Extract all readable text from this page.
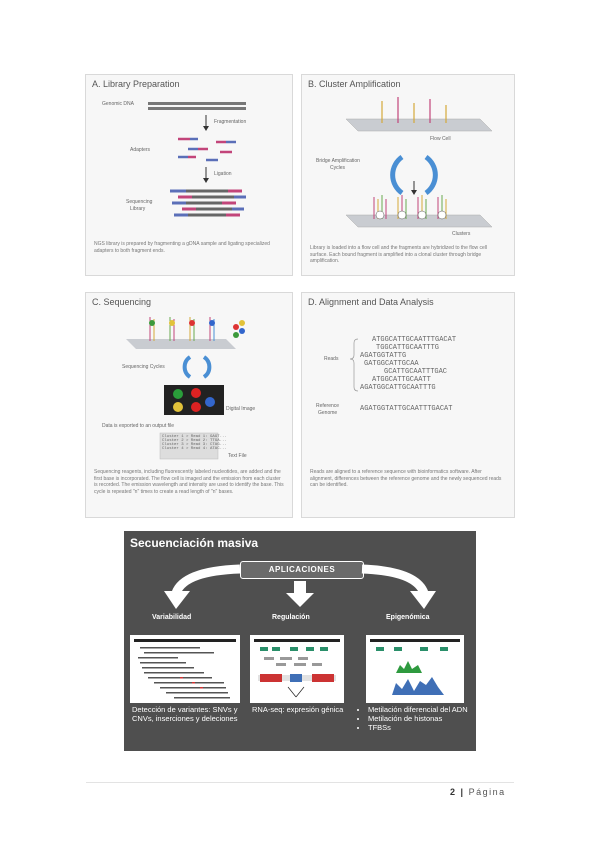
A. Library Preparation
Genomic DNA
Fragmentation
Adapters
Ligation
Sequencing
Library
NGS library is prepared by fragmenting a gDNA sample and ligating specialized adapters to both fragment ends.
B. Cluster Amplification
Flow Cell
Bridge Amplification
Cycles
Clusters
Library is loaded into a flow cell and the fragments are hybridized to the flow cell surface. Each bound fragment is amplified into a clonal cluster through bridge amplification.
C. Sequencing
Sequencing Cycles
Digital Image
Data is exported to an output file
Cluster 1 > Read 1: GAGT...
Cluster 2 > Read 2: TTGA...
Cluster 3 > Read 3: CTAG...
Cluster 4 > Read 4: ATAC...
Text File
Sequencing reagents, including fluorescently labeled nucleotides, are added and the first base is incorporated. The flow cell is imaged and the emission from each cluster is recorded. The emission wavelength and intensity are used to identify the base. This cycle is repeated "n" times to create a read length of "n" bases.
D. Alignment and Data Analysis
Reads
ATGGCATTGCAATTTGACAT
TGGCATTGCAATTTG
AGATGGTATTG
GATGGCATTGCAA
GCATTGCAATTTGAC
ATGGCATTGCAATT
AGATGGCATTGCAATTTG
Reference
Genome	AGATGGTATTGCAATTTGACAT
Reads are aligned to a reference sequence with bioinformatics software. After alignment, differences between the reference genome and the newly sequenced reads can be identified.
Secuenciación masiva
APLICACIONES
Variabilidad	Regulación	Epigenómica
Detección de variantes: SNVs y CNVs, inserciones y deleciones
RNA-seq: expresión génica
•	Metilación diferencial del ADN
• Metilación de histonas
• TFBSs
2 | Página
